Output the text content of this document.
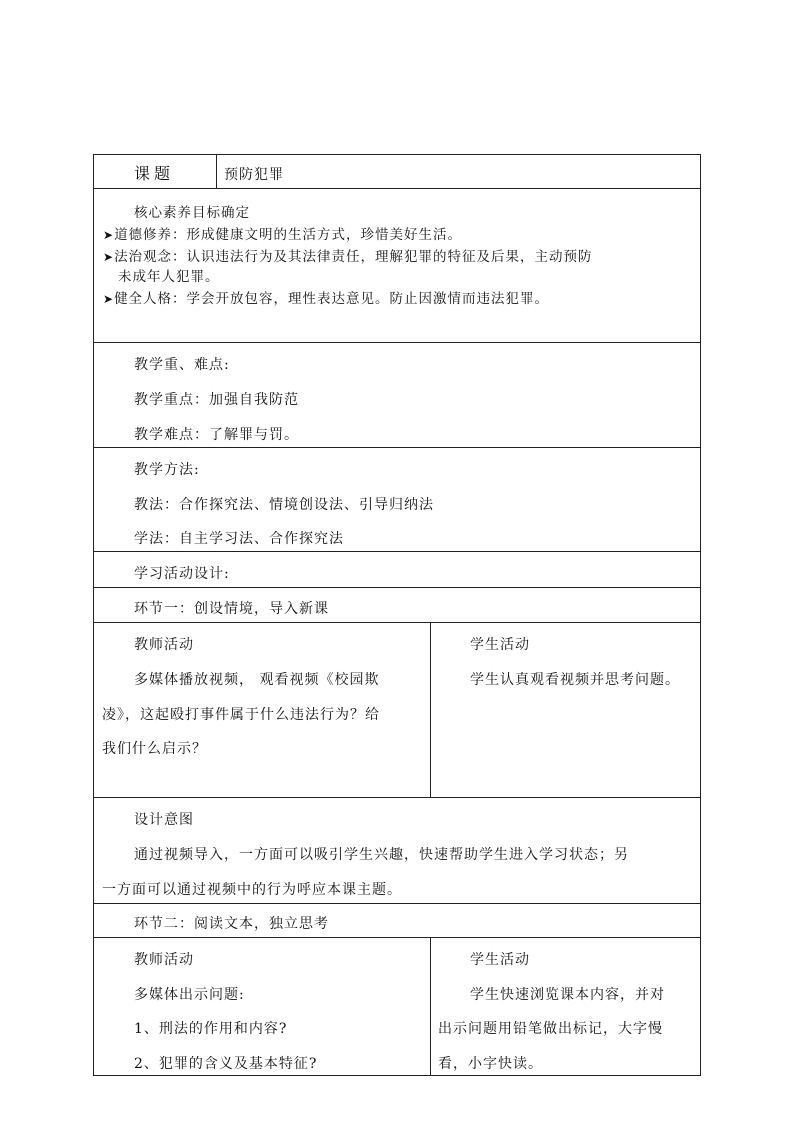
课题	预防犯罪
核心素养目标确定
➤道德修养：形成健康文明的生活方式，珍惜美好生活。
➤法治观念：认识违法行为及其法律责任，理解犯罪的特征及后果，主动预防
未成年人犯罪。
➤健全人格：学会开放包容，理性表达意见。防止因激情而违法犯罪。
教学重、难点:
教学重点：加强自我防范
教学难点：了解罪与罚。
教学方法:
教法：合作探究法、情境创设法、引导归纳法
学法：自主学习法、合作探究法
学习活动设计:
环节一：创设情境，导入新课
教师活动
多媒体播放视频， 观看视频《校园欺
凌》，这起殴打事件属于什么违法行为？给
我们什么启示？
学生活动
学生认真观看视频并思考问题。
设计意图
通过视频导入，一方面可以吸引学生兴趣，快速帮助学生进入学习状态；另
一方面可以通过视频中的行为呼应本课主题。
环节二：阅读文本，独立思考
教师活动
多媒体出示问题:
1、刑法的作用和内容?
2、犯罪的含义及基本特征?
学生活动
学生快速浏览课本内容，并对
出示问题用铅笔做出标记，大字慢
看，小字快读。
